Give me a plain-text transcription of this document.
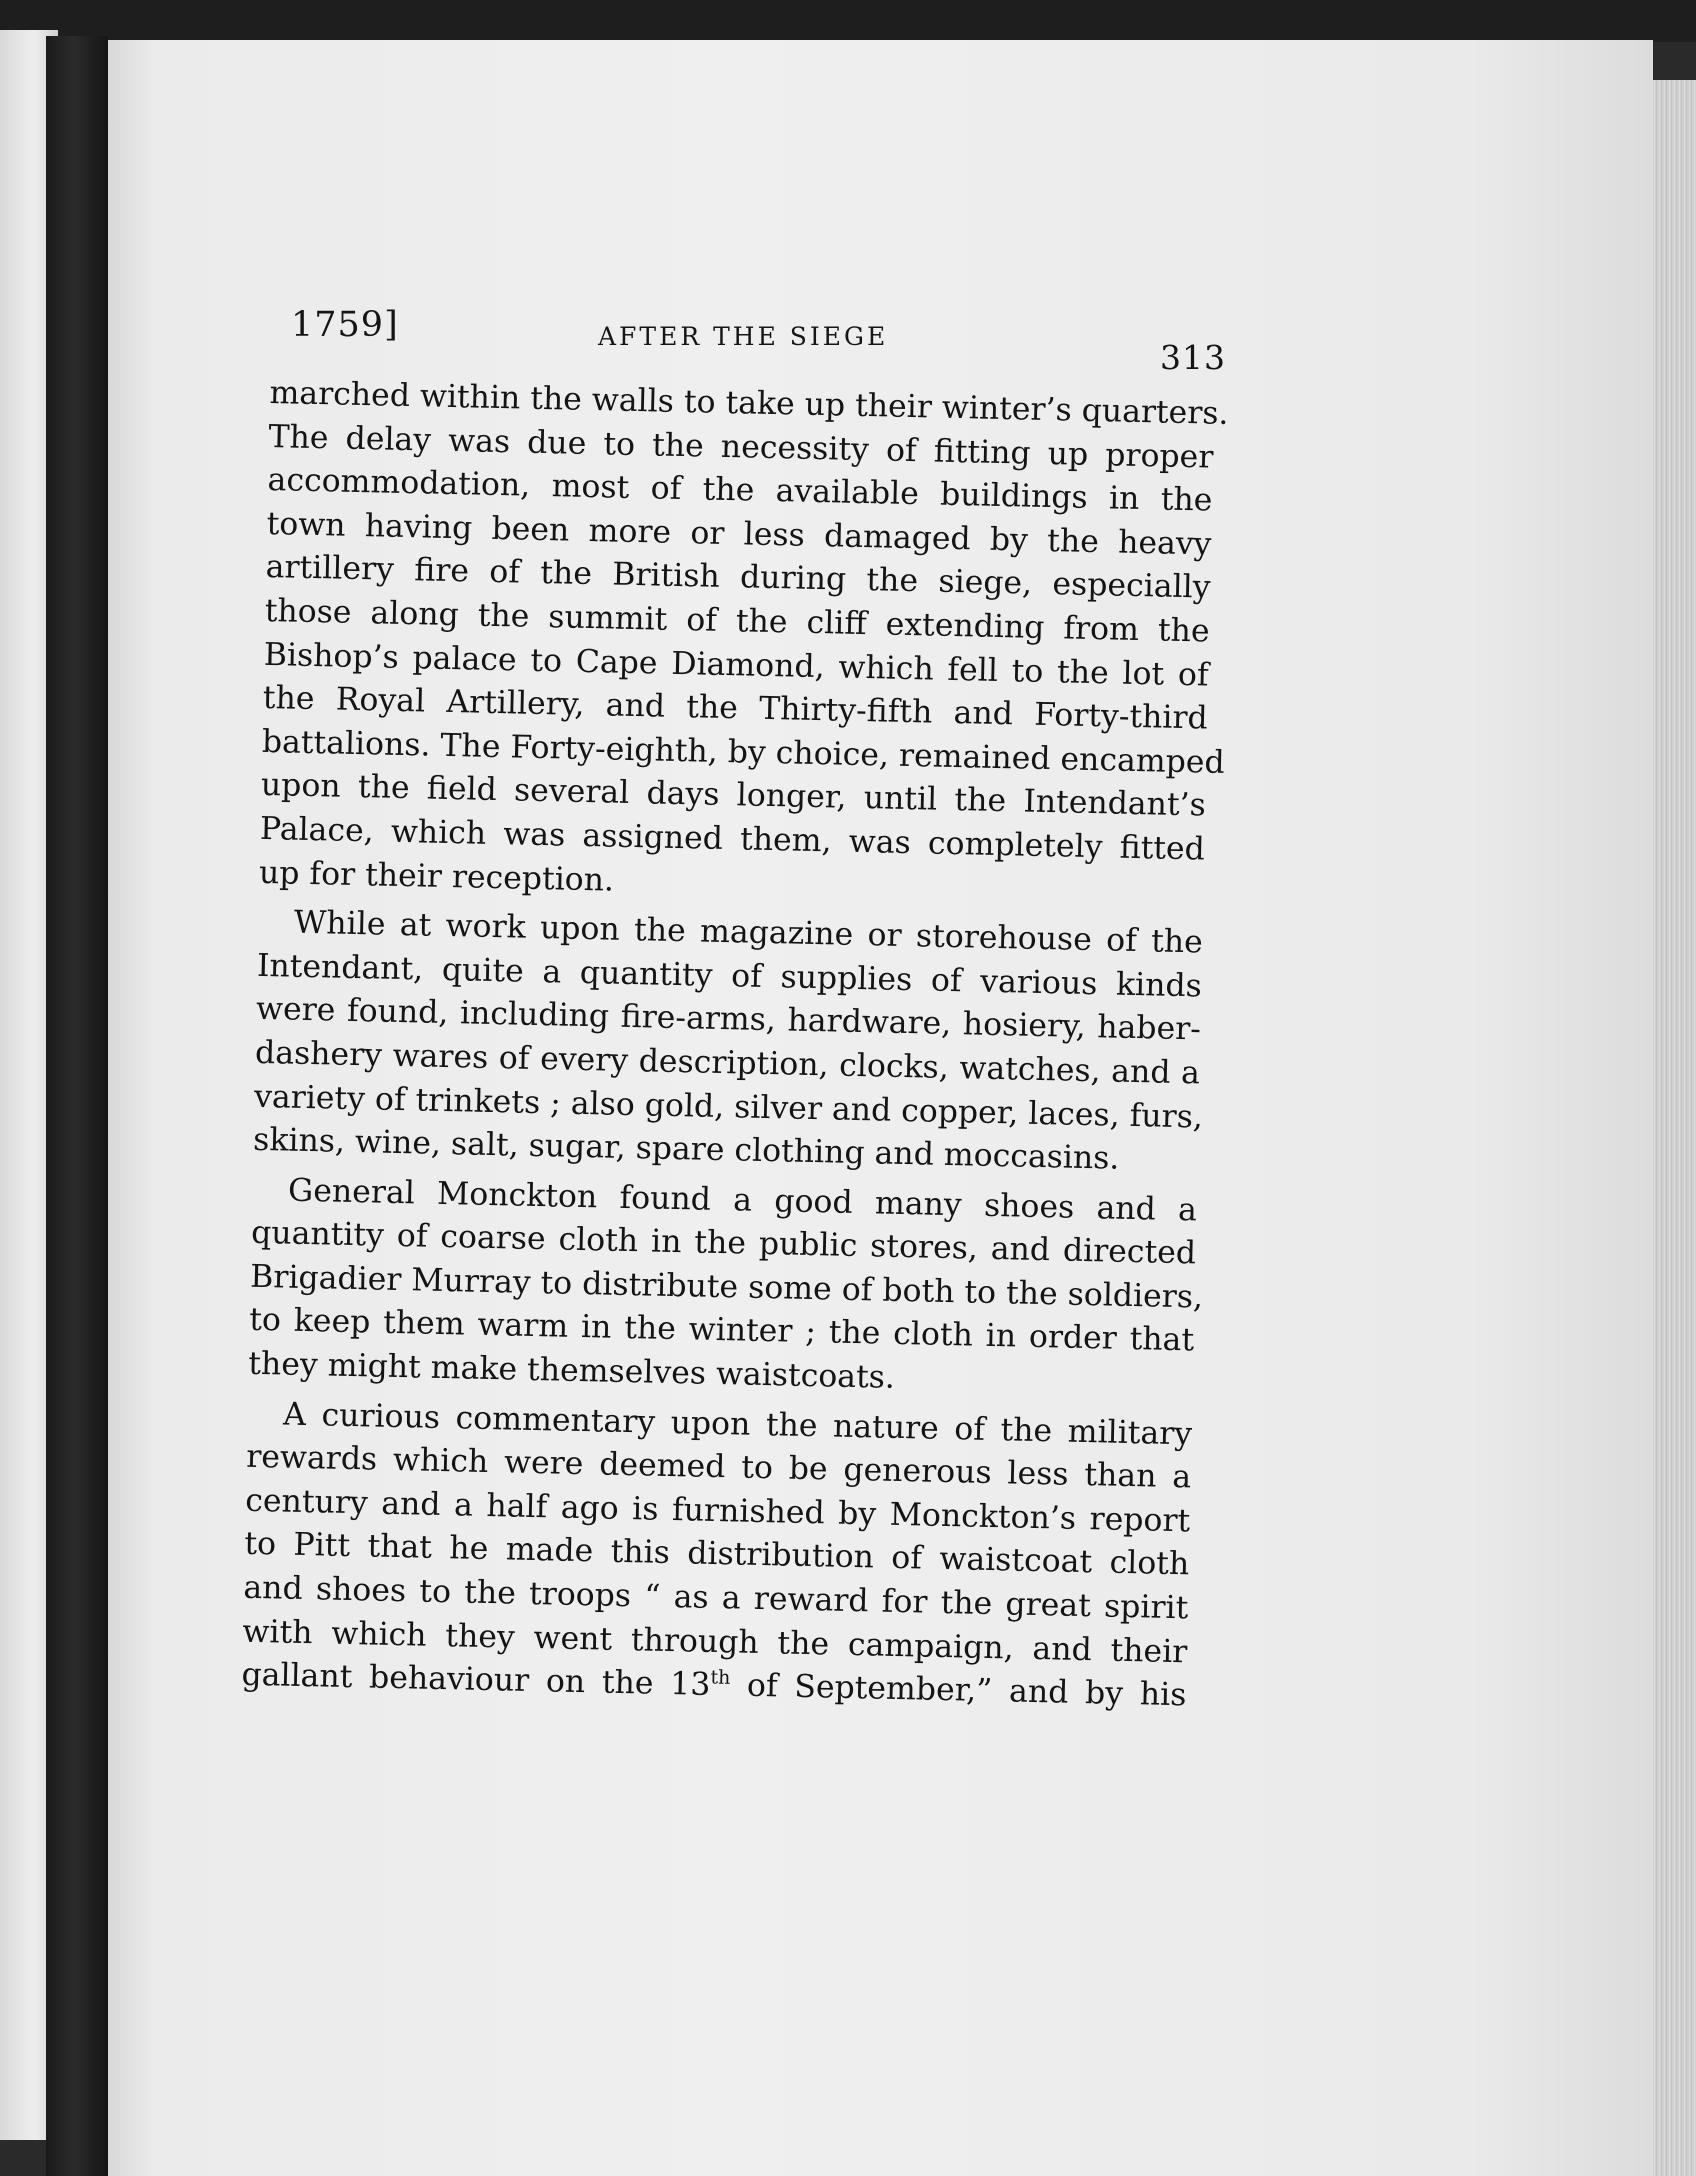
1759]	AFTER THE SIEGE
313
marched within the walls to take up their winter’s quarters.
The delay was due to the necessity of fitting up proper
accommodation, most of the available buildings in the
town having been more or less damaged by the heavy
artillery fire of the British during the siege, especially
those along the summit of the cliff extending from the
Bishop’s palace to Cape Diamond, which fell to the lot of
the Royal Artillery, and the Thirty-fifth and Forty-third
battalions. The Forty-eighth, by choice, remained encamped
upon the field several days longer, until the Intendant’s
Palace, which was assigned them, was completely fitted
up for their reception.
While at work upon the magazine or storehouse of the
Intendant, quite a quantity of supplies of various kinds
were found, including fire-arms, hardware, hosiery, haber-
dashery wares of every description, clocks, watches, and a
variety of trinkets ; also gold, silver and copper, laces, furs,
skins, wine, salt, sugar, spare clothing and moccasins.
General Monckton found a good many shoes and a
quantity of coarse cloth in the public stores, and directed
Brigadier Murray to distribute some of both to the soldiers,
to keep them warm in the winter ; the cloth in order that
they might make themselves waistcoats.
A curious commentary upon the nature of the military
rewards which were deemed to be generous less than a
century and a half ago is furnished by Monckton’s report
to Pitt that he made this distribution of waistcoat cloth
and shoes to the troops “ as a reward for the great spirit
with which they went through the campaign, and their
gallant behaviour on the 13th of September,” and by his
